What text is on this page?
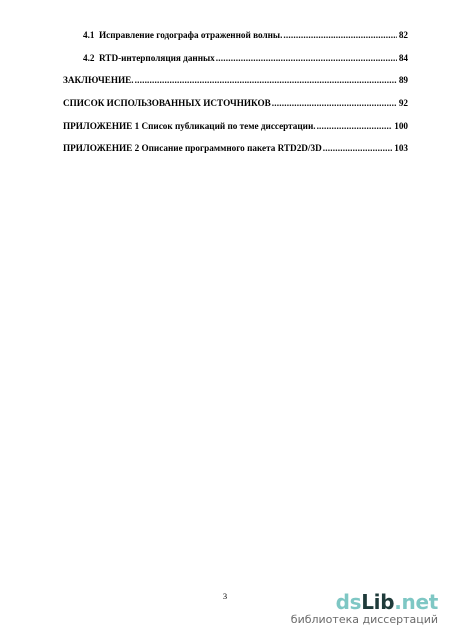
4.1 Исправление годографа отраженной волны. .....	82
4.2 RTD-интерполяция данных .....	84
ЗАКЛЮЧЕНИЕ. .....	89
СПИСОК ИСПОЛЬЗОВАННЫХ ИСТОЧНИКОВ .....	92
ПРИЛОЖЕНИЕ 1 Список публикаций по теме диссертации. .....	100
ПРИЛОЖЕНИЕ 2 Описание программного пакета RTD2D/3D .....	103
3	dsLib.net
библиотека диссертаций
